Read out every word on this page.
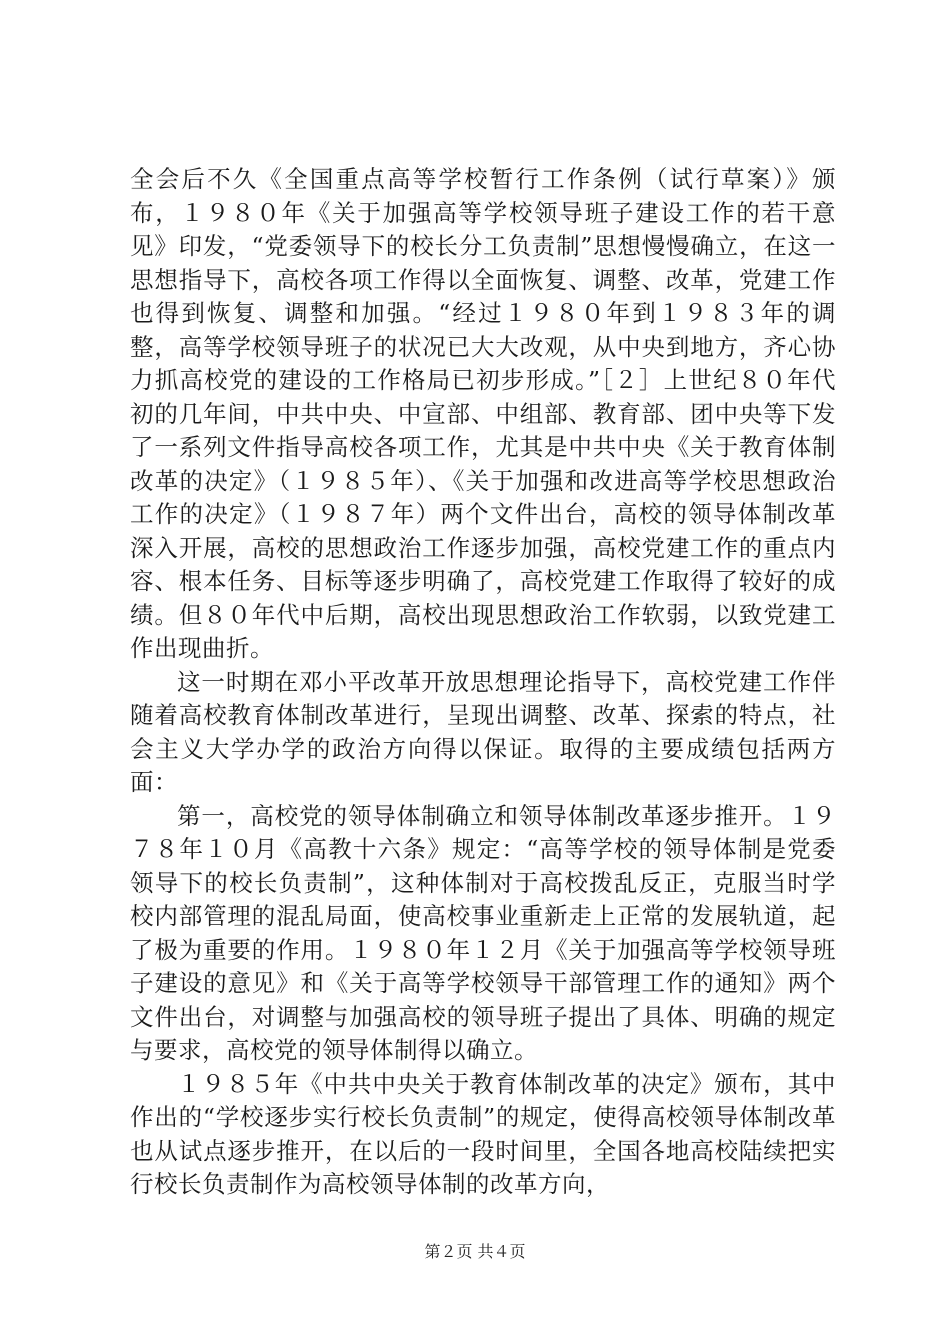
全会后不久《全国重点高等学校暂行工作条例（试行草案）》颁布，１９８０年《关于加强高等学校领导班子建设工作的若干意见》印发，“党委领导下的校长分工负责制”思想慢慢确立，在这一思想指导下，高校各项工作得以全面恢复、调整、改革，党建工作也得到恢复、调整和加强。“经过１９８０年到１９８３年的调整，高等学校领导班子的状况已大大改观，从中央到地方，齐心协力抓高校党的建设的工作格局已初步形成。”［２］上世纪８０年代初的几年间，中共中央、中宣部、中组部、教育部、团中央等下发了一系列文件指导高校各项工作，尤其是中共中央《关于教育体制改革的决定》（１９８５年）、《关于加强和改进高等学校思想政治工作的决定》（１９８７年）两个文件出台，高校的领导体制改革深入开展，高校的思想政治工作逐步加强，高校党建工作的重点内容、根本任务、目标等逐步明确了，高校党建工作取得了较好的成绩。但８０年代中后期，高校出现思想政治工作软弱，以致党建工作出现曲折。

这一时期在邓小平改革开放思想理论指导下，高校党建工作伴随着高校教育体制改革进行，呈现出调整、改革、探索的特点，社会主义大学办学的政治方向得以保证。取得的主要成绩包括两方面：

第一，高校党的领导体制确立和领导体制改革逐步推开。１９７８年１０月《高教十六条》规定：“高等学校的领导体制是党委领导下的校长负责制”，这种体制对于高校拨乱反正，克服当时学校内部管理的混乱局面，使高校事业重新走上正常的发展轨道，起了极为重要的作用。１９８０年１２月《关于加强高等学校领导班子建设的意见》和《关于高等学校领导干部管理工作的通知》两个文件出台，对调整与加强高校的领导班子提出了具体、明确的规定与要求，高校党的领导体制得以确立。

１９８５年《中共中央关于教育体制改革的决定》颁布，其中作出的“学校逐步实行校长负责制”的规定，使得高校领导体制改革也从试点逐步推开，在以后的一段时间里，全国各地高校陆续把实行校长负责制作为高校领导体制的改革方向，

第２页 共４页
